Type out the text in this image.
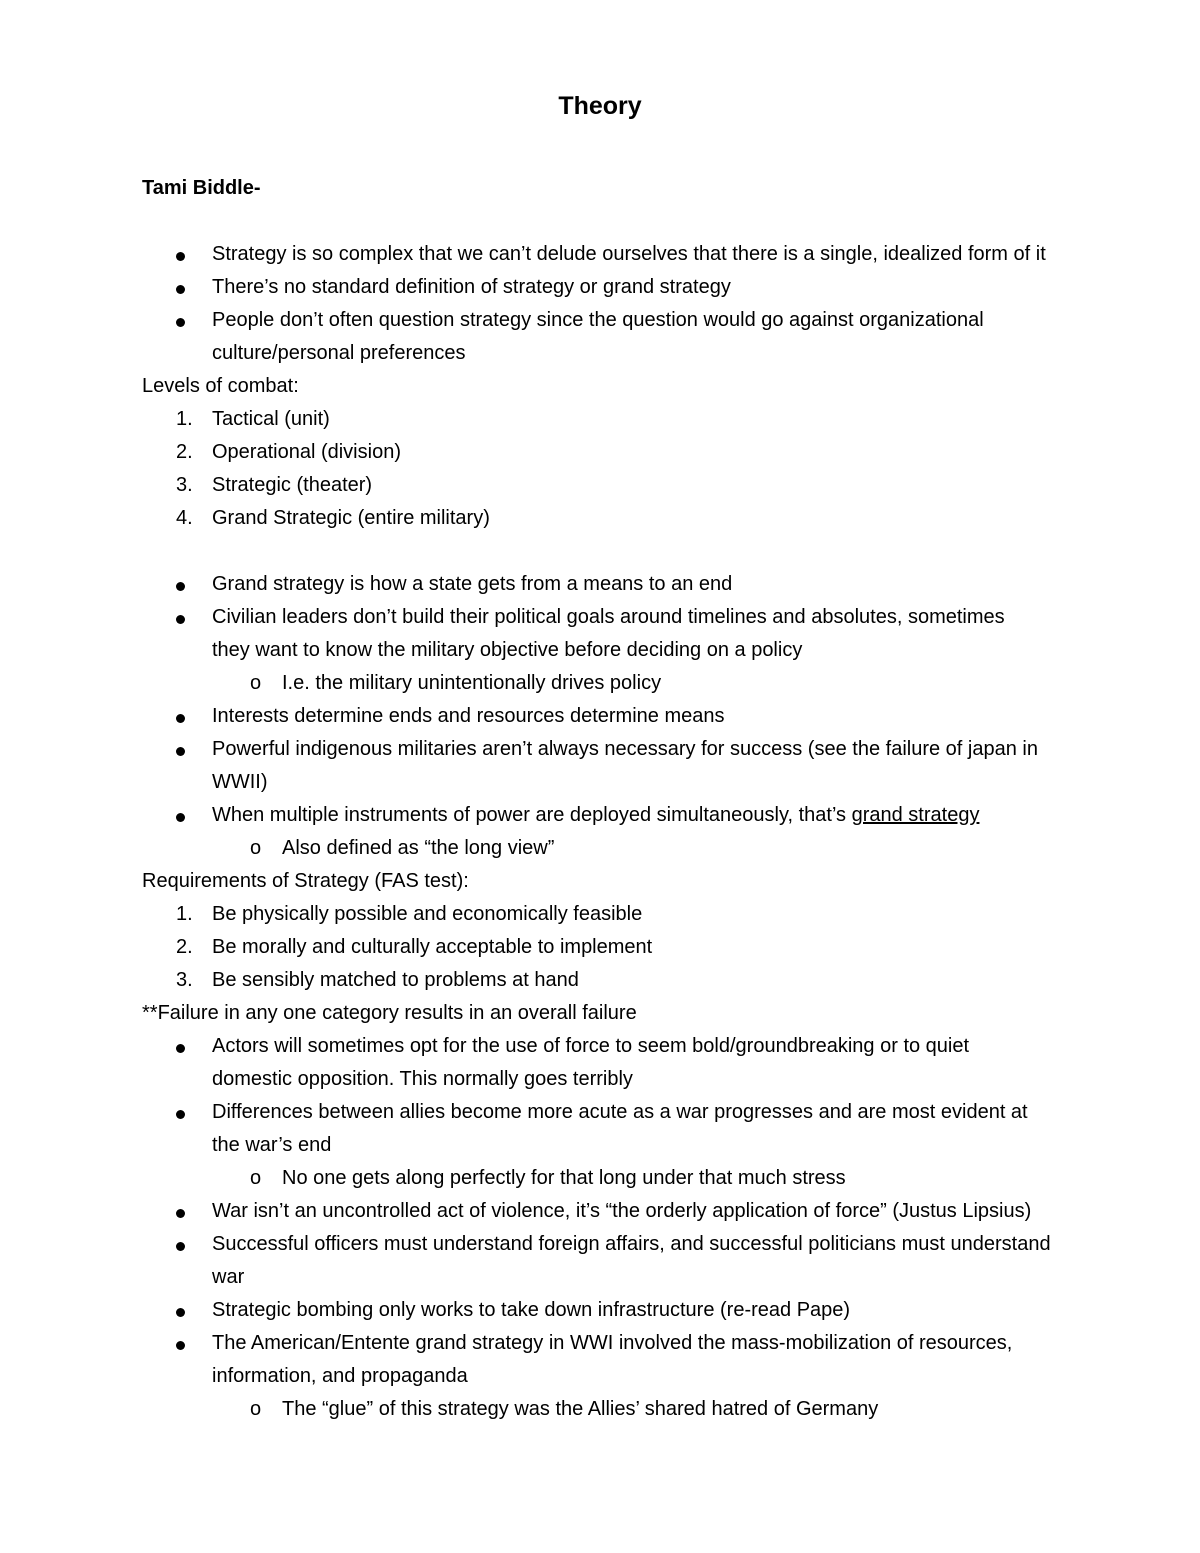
Theory
Tami Biddle-
Strategy is so complex that we can’t delude ourselves that there is a single, idealized form of it
There’s no standard definition of strategy or grand strategy
People don’t often question strategy since the question would go against organizational
culture/personal preferences
Levels of combat:
1. Tactical (unit)
2. Operational (division)
3. Strategic (theater)
4. Grand Strategic (entire military)
Grand strategy is how a state gets from a means to an end
Civilian leaders don’t build their political goals around timelines and absolutes, sometimes
they want to know the military objective before deciding on a policy
o I.e. the military unintentionally drives policy
Interests determine ends and resources determine means
Powerful indigenous militaries aren’t always necessary for success (see the failure of japan in
WWII)
When multiple instruments of power are deployed simultaneously, that’s grand strategy
o Also defined as “the long view”
Requirements of Strategy (FAS test):
1. Be physically possible and economically feasible
2. Be morally and culturally acceptable to implement
3. Be sensibly matched to problems at hand
**Failure in any one category results in an overall failure
Actors will sometimes opt for the use of force to seem bold/groundbreaking or to quiet
domestic opposition. This normally goes terribly
Differences between allies become more acute as a war progresses and are most evident at
the war’s end
o No one gets along perfectly for that long under that much stress
War isn’t an uncontrolled act of violence, it’s “the orderly application of force” (Justus Lipsius)
Successful officers must understand foreign affairs, and successful politicians must understand
war
Strategic bombing only works to take down infrastructure (re-read Pape)
The American/Entente grand strategy in WWI involved the mass-mobilization of resources,
information, and propaganda
o The “glue” of this strategy was the Allies’ shared hatred of Germany
